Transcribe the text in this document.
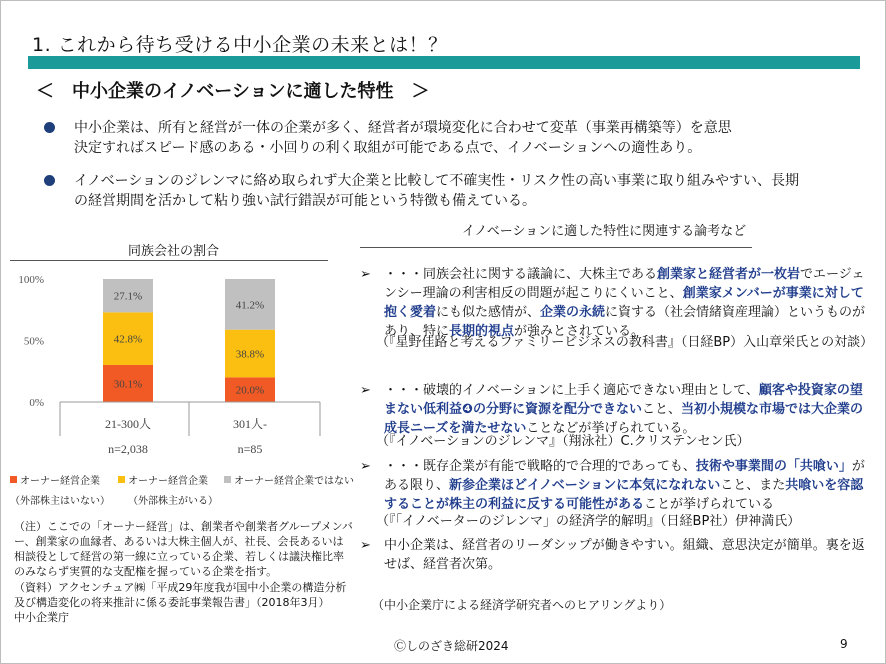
1. これから待ち受ける中小企業の未来とは！？
＜　中小企業のイノベーションに適した特性　＞
中小企業は、所有と経営が一体の企業が多く、経営者が環境変化に合わせて変革（事業再構築等）を意思
決定すればスピード感のある・小回りの利く取組が可能である点で、イノベーションへの適性あり。
イノベーションのジレンマに絡め取られず大企業と比較して不確実性・リスク性の高い事業に取り組みやすい、長期
の経営期間を活かして粘り強い試行錯誤が可能という特徴も備えている。
同族会社の割合
0%
50%
100%
30.1%
42.8%
27.1%
21-300人
n=2,038
20.0%
38.8%
41.2%
301人-
n=85
オーナー経営企業	オーナー経営企業	オーナー経営企業ではない
（外部株主はいない） （外部株主がいる）
（注）ここでの「オーナー経営」は、創業者や創業者グループメンバー、創業家の血縁者、あるいは大株主個人が、社長、会長あるいは相談役として経営の第一線に立っている企業、若しくは議決権比率のみならず実質的な支配権を握っている企業を指す。
（資料）アクセンチュア㈱「平成29年度我が国中小企業の構造分析及び構造変化の将来推計に係る委託事業報告書」（2018年3月）
中小企業庁
イノベーションに適した特性に関連する論考など
➢ ・・・同族会社に関する議論に、大株主である創業家と経営者が一枚岩でエージェンシー理論の利害相反の問題が起こりにくいこと、創業家メンバーが事業に対して抱く愛着にも似た感情が、企業の永続に資する（社会情緒資産理論）というものがあり、特に長期的視点が強みとされている。
（『星野佳路と考えるファミリービジネスの教科書』（日経BP）入山章栄氏との対談）
➢ ・・・破壊的イノベーションに上手く適応できない理由として、顧客や投資家の望まない低利益❹の分野に資源を配分できないこと、当初小規模な市場では大企業の成長ニーズを満たせないことなどが挙げられている。
（『イノベーションのジレンマ』（翔泳社）C.クリステンセン氏）
➢ ・・・既存企業が有能で戦略的で合理的であっても、技術や事業間の「共喰い」がある限り、新参企業ほどイノベーションに本気になれないこと、また共喰いを容認することが株主の利益に反する可能性があることが挙げられている
（『「イノベーターのジレンマ」の経済学的解明』（日経BP社）伊神満氏）
➢ 中小企業は、経営者のリーダシップが働きやすい。組織、意思決定が簡単。裏を返せば、経営者次第。
（中小企業庁による経済学研究者へのヒアリングより）
Ⓒしのざき総研2024	9
